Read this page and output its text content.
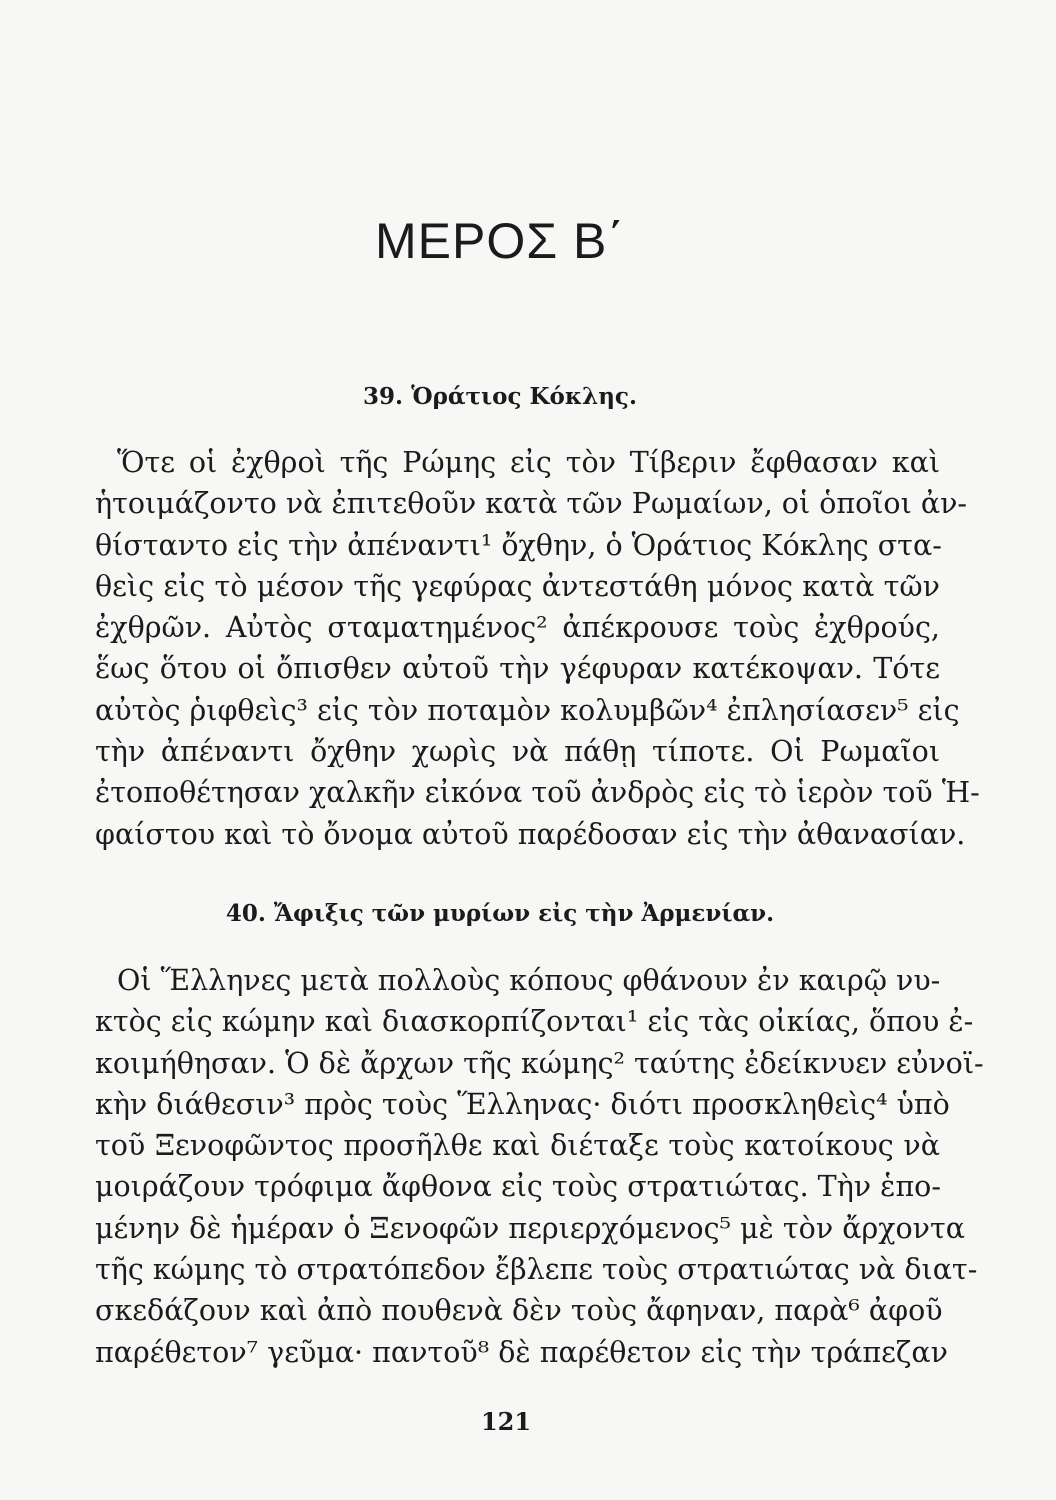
ΜΕΡΟΣ Β΄
39. Ὁράτιος Κόκλης.
Ὅτε οἱ ἐχθροὶ τῆς Ρώμης εἰς τὸν Τίβεριν ἔφθασαν καὶ
ἡτοιμάζοντο νὰ ἐπιτεθοῦν κατὰ τῶν Ρωμαίων, οἱ ὁποῖοι ἀν-
θίσταντο εἰς τὴν ἀπέναντι¹ ὄχθην, ὁ Ὁράτιος Κόκλης στα-
θεὶς εἰς τὸ μέσον τῆς γεφύρας ἀντεστάθη μόνος κατὰ τῶν
ἐχθρῶν. Αὐτὸς σταματημένος² ἀπέκρουσε τοὺς ἐχθρούς,
ἕως ὅτου οἱ ὄπισθεν αὐτοῦ τὴν γέφυραν κατέκοψαν. Τότε
αὐτὸς ῥιφθεὶς³ εἰς τὸν ποταμὸν κολυμβῶν⁴ ἐπλησίασεν⁵ εἰς
τὴν ἀπέναντι ὄχθην χωρὶς νὰ πάθῃ τίποτε. Οἱ Ρωμαῖοι
ἐτοποθέτησαν χαλκῆν εἰκόνα τοῦ ἀνδρὸς εἰς τὸ ἱερὸν τοῦ Ἡ-
φαίστου καὶ τὸ ὄνομα αὐτοῦ παρέδοσαν εἰς τὴν ἀθανασίαν.
40. Ἄφιξις τῶν μυρίων εἰς τὴν Ἀρμενίαν.
Οἱ Ἕλληνες μετὰ πολλοὺς κόπους φθάνουν ἐν καιρῷ νυ-
κτὸς εἰς κώμην καὶ διασκορπίζονται¹ εἰς τὰς οἰκίας, ὅπου ἐ-
κοιμήθησαν. Ὁ δὲ ἄρχων τῆς κώμης² ταύτης ἐδείκνυεν εὐνοϊ-
κὴν διάθεσιν³ πρὸς τοὺς Ἕλληνας· διότι προσκληθεὶς⁴ ὑπὸ
τοῦ Ξενοφῶντος προσῆλθε καὶ διέταξε τοὺς κατοίκους νὰ
μοιράζουν τρόφιμα ἄφθονα εἰς τοὺς στρατιώτας. Τὴν ἑπο-
μένην δὲ ἡμέραν ὁ Ξενοφῶν περιερχόμενος⁵ μὲ τὸν ἄρχοντα
τῆς κώμης τὸ στρατόπεδον ἔβλεπε τοὺς στρατιώτας νὰ διατ-
σκεδάζουν καὶ ἀπὸ πουθενὰ δὲν τοὺς ἄφηναν, παρὰ⁶ ἀφοῦ
παρέθετον⁷ γεῦμα· παντοῦ⁸ δὲ παρέθετον εἰς τὴν τράπεζαν
121
